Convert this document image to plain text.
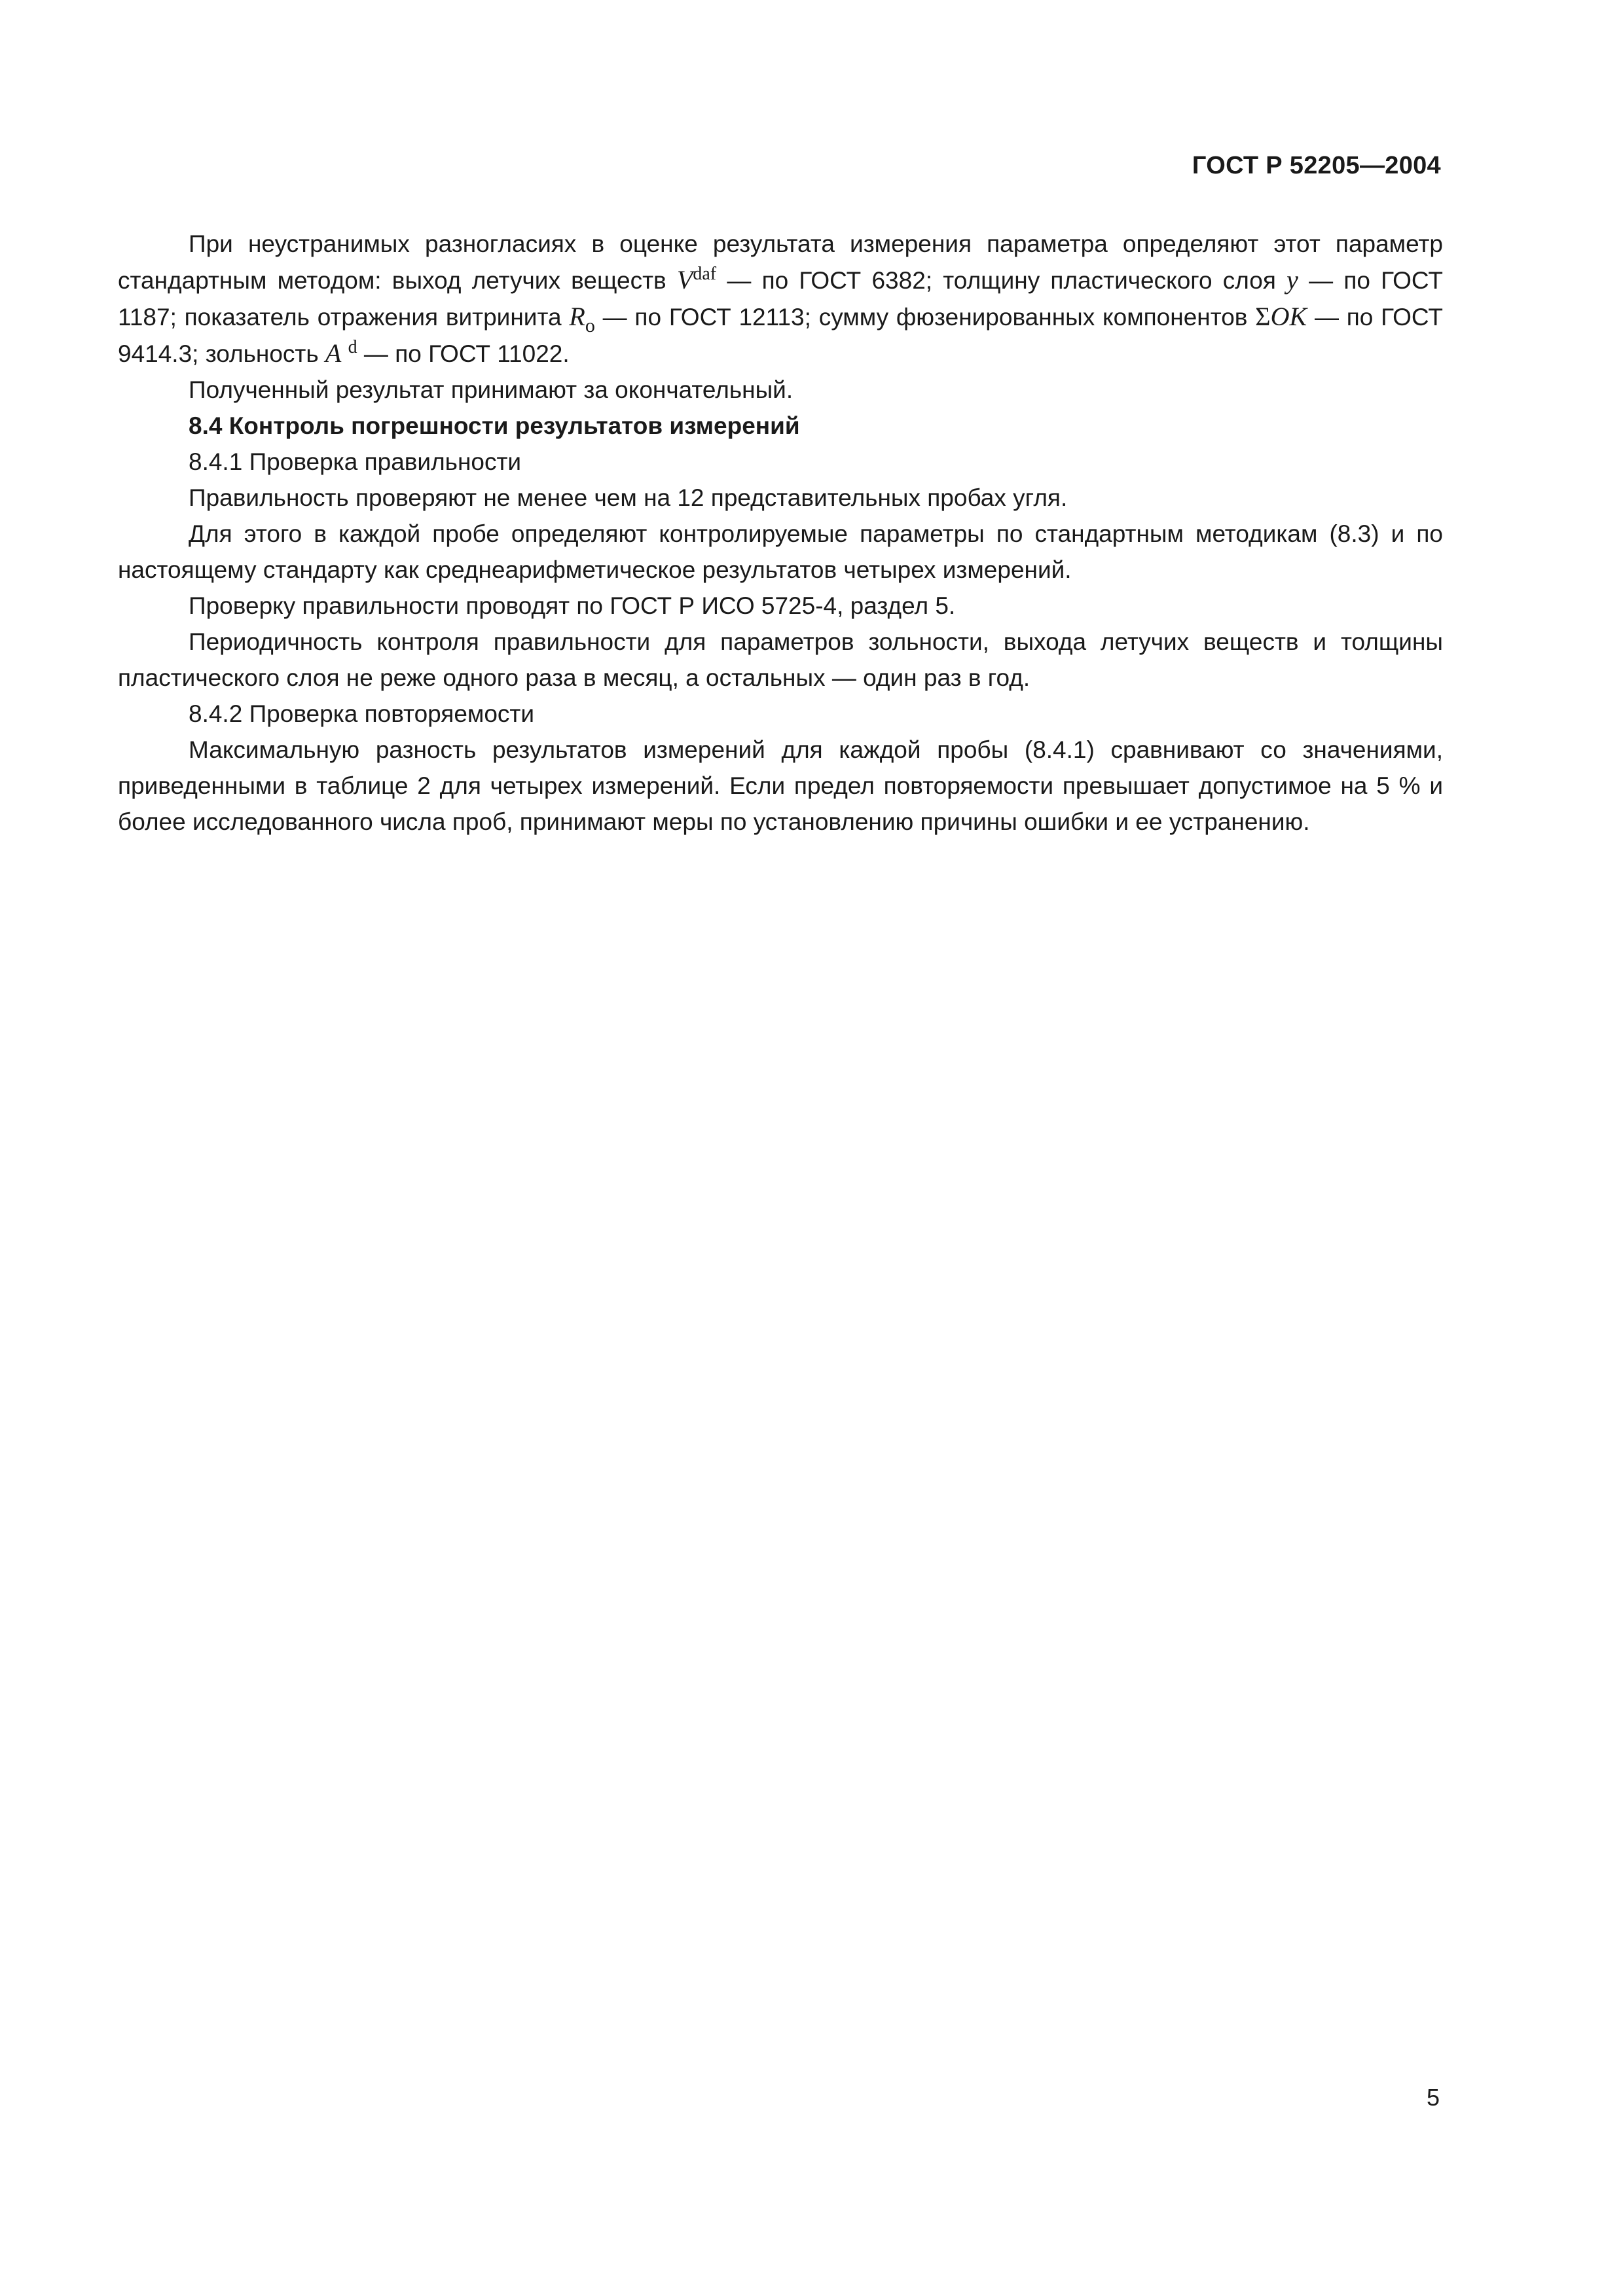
ГОСТ Р 52205—2004

При неустранимых разногласиях в оценке результата измерения параметра определяют этот параметр стандартным методом: выход летучих веществ $V^{daf}$ — по ГОСТ 6382; толщину пластического слоя y — по ГОСТ 1187; показатель отражения витринита $R_o$ — по ГОСТ 12113; сумму фюзенированных компонентов ΣOK — по ГОСТ 9414.3; зольность A $^d$ — по ГОСТ 11022.

Полученный результат принимают за окончательный.

8.4 Контроль погрешности результатов измерений

8.4.1 Проверка правильности

Правильность проверяют не менее чем на 12 представительных пробах угля.

Для этого в каждой пробе определяют контролируемые параметры по стандартным методикам (8.3) и по настоящему стандарту как среднеарифметическое результатов четырех измерений.

Проверку правильности проводят по ГОСТ Р ИСО 5725-4, раздел 5.

Периодичность контроля правильности для параметров зольности, выхода летучих веществ и толщины пластического слоя не реже одного раза в месяц, а остальных — один раз в год.

8.4.2 Проверка повторяемости

Максимальную разность результатов измерений для каждой пробы (8.4.1) сравнивают со значениями, приведенными в таблице 2 для четырех измерений. Если предел повторяемости превышает допустимое на 5 % и более исследованного числа проб, принимают меры по установлению причины ошибки и ее устранению.

5
